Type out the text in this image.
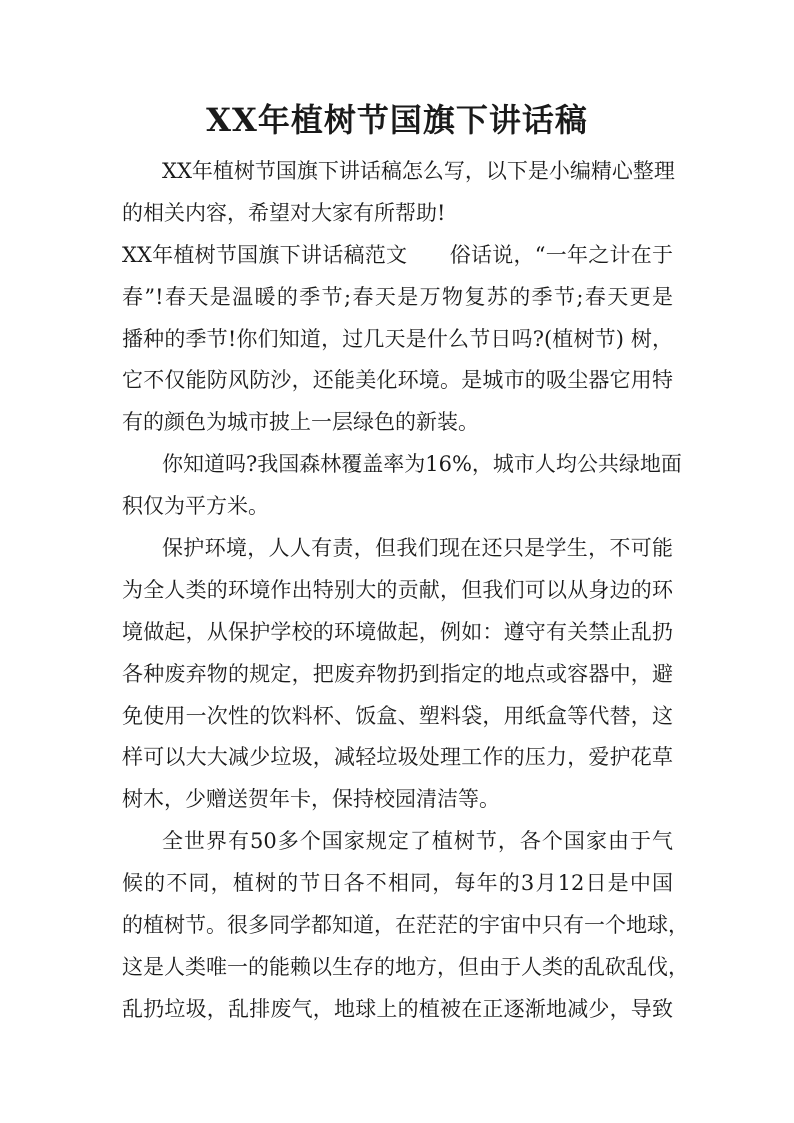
XX年植树节国旗下讲话稿
XX年植树节国旗下讲话稿怎么写，以下是小编精心整理
的相关内容，希望对大家有所帮助!
XX年植树节国旗下讲话稿范文　　俗话说，“一年之计在于
春”!春天是温暖的季节;春天是万物复苏的季节;春天更是
播种的季节!你们知道，过几天是什么节日吗?(植树节) 树，
它不仅能防风防沙，还能美化环境。是城市的吸尘器它用特
有的颜色为城市披上一层绿色的新装。
你知道吗?我国森林覆盖率为16%，城市人均公共绿地面
积仅为平方米。
保护环境，人人有责，但我们现在还只是学生，不可能
为全人类的环境作出特别大的贡献，但我们可以从身边的环
境做起，从保护学校的环境做起，例如：遵守有关禁止乱扔
各种废弃物的规定，把废弃物扔到指定的地点或容器中，避
免使用一次性的饮料杯、饭盒、塑料袋，用纸盒等代替，这
样可以大大减少垃圾，减轻垃圾处理工作的压力，爱护花草
树木，少赠送贺年卡，保持校园清洁等。
全世界有50多个国家规定了植树节，各个国家由于气
候的不同，植树的节日各不相同，每年的3月12日是中国
的植树节。很多同学都知道，在茫茫的宇宙中只有一个地球，
这是人类唯一的能赖以生存的地方，但由于人类的乱砍乱伐，
乱扔垃圾，乱排废气，地球上的植被在正逐渐地减少，导致
